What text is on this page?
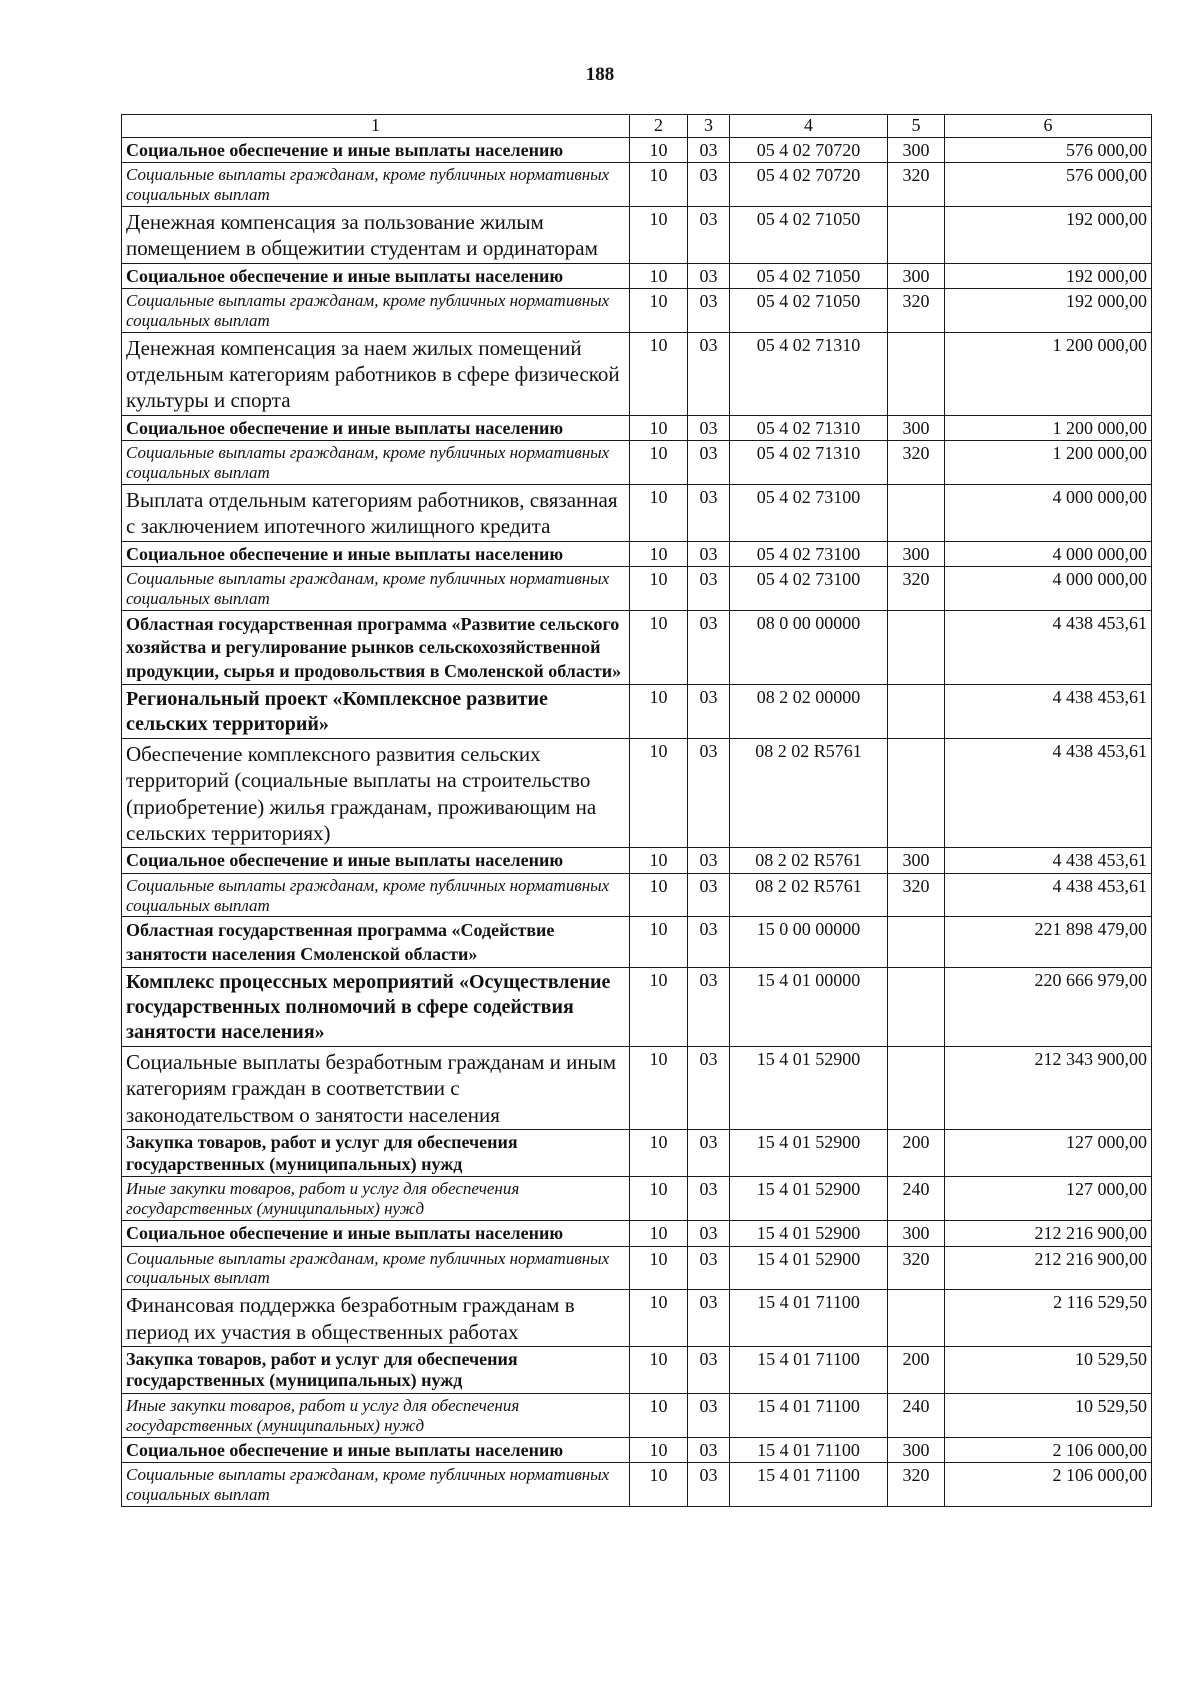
188
1	2	3	4	5	6
Социальное обеспечение и иные выплаты населению	10	03	05 4 02 70720	300	576 000,00
Социальные выплаты гражданам, кроме публичных нормативных социальных выплат	10	03	05 4 02 70720	320	576 000,00
Денежная компенсация за пользование жилым помещением в общежитии студентам и ординаторам	10	03	05 4 02 71050		192 000,00
Социальное обеспечение и иные выплаты населению	10	03	05 4 02 71050	300	192 000,00
Социальные выплаты гражданам, кроме публичных нормативных социальных выплат	10	03	05 4 02 71050	320	192 000,00
Денежная компенсация за наем жилых помещений отдельным категориям работников в сфере физической культуры и спорта	10	03	05 4 02 71310		1 200 000,00
Социальное обеспечение и иные выплаты населению	10	03	05 4 02 71310	300	1 200 000,00
Социальные выплаты гражданам, кроме публичных нормативных социальных выплат	10	03	05 4 02 71310	320	1 200 000,00
Выплата отдельным категориям работников, связанная с заключением ипотечного жилищного кредита	10	03	05 4 02 73100		4 000 000,00
Социальное обеспечение и иные выплаты населению	10	03	05 4 02 73100	300	4 000 000,00
Социальные выплаты гражданам, кроме публичных нормативных социальных выплат	10	03	05 4 02 73100	320	4 000 000,00
Областная государственная программа «Развитие сельского хозяйства и регулирование рынков сельскохозяйственной продукции, сырья и продовольствия в Смоленской области»	10	03	08 0 00 00000		4 438 453,61
Региональный проект «Комплексное развитие сельских территорий»	10	03	08 2 02 00000		4 438 453,61
Обеспечение комплексного развития сельских территорий (социальные выплаты на строительство (приобретение) жилья гражданам, проживающим на сельских территориях)	10	03	08 2 02 R5761		4 438 453,61
Социальное обеспечение и иные выплаты населению	10	03	08 2 02 R5761	300	4 438 453,61
Социальные выплаты гражданам, кроме публичных нормативных социальных выплат	10	03	08 2 02 R5761	320	4 438 453,61
Областная государственная программа «Содействие занятости населения Смоленской области»	10	03	15 0 00 00000		221 898 479,00
Комплекс процессных мероприятий «Осуществление государственных полномочий в сфере содействия занятости населения»	10	03	15 4 01 00000		220 666 979,00
Социальные выплаты безработным гражданам и иным категориям граждан в соответствии с законодательством о занятости населения	10	03	15 4 01 52900		212 343 900,00
Закупка товаров, работ и услуг для обеспечения государственных (муниципальных) нужд	10	03	15 4 01 52900	200	127 000,00
Иные закупки товаров, работ и услуг для обеспечения государственных (муниципальных) нужд	10	03	15 4 01 52900	240	127 000,00
Социальное обеспечение и иные выплаты населению	10	03	15 4 01 52900	300	212 216 900,00
Социальные выплаты гражданам, кроме публичных нормативных социальных выплат	10	03	15 4 01 52900	320	212 216 900,00
Финансовая поддержка безработным гражданам в период их участия в общественных работах	10	03	15 4 01 71100		2 116 529,50
Закупка товаров, работ и услуг для обеспечения государственных (муниципальных) нужд	10	03	15 4 01 71100	200	10 529,50
Иные закупки товаров, работ и услуг для обеспечения государственных (муниципальных) нужд	10	03	15 4 01 71100	240	10 529,50
Социальное обеспечение и иные выплаты населению	10	03	15 4 01 71100	300	2 106 000,00
Социальные выплаты гражданам, кроме публичных нормативных социальных выплат	10	03	15 4 01 71100	320	2 106 000,00
